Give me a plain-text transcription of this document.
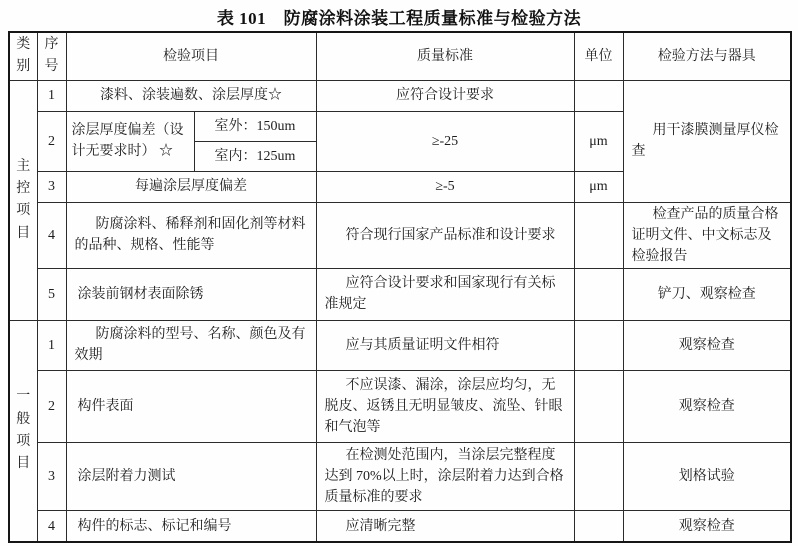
表 101　防腐涂料涂装工程质量标准与检验方法
类别	序号	检验项目		质量标准	单位	检验方法与器具
主控项目	1	漆料、涂装遍数、涂层厚度☆		应符合设计要求		用干漆膜测量厚仪检查
	2	涂层厚度偏差（设计无要求时） ☆	室外：150um	≥-25	μm	
			室内：125um			
	3	每遍涂层厚度偏差		≥-5	μm	
	4	防腐涂料、稀释剂和固化剂等材料的品种、规格、性能等		符合现行国家产品标准和设计要求		检查产品的质量合格证明文件、中文标志及检验报告
	5	涂装前钢材表面除锈		应符合设计要求和国家现行有关标准规定		铲刀、观察检查
一般项目	1	防腐涂料的型号、名称、颜色及有效期		应与其质量证明文件相符		观察检查
	2	构件表面		不应误漆、漏涂，涂层应均匀，无脱皮、返锈且无明显皱皮、流坠、针眼和气泡等		观察检查
	3	涂层附着力测试		在检测处范围内，当涂层完整程度达到 70%以上时，涂层附着力达到合格质量标准的要求		划格试验
	4	构件的标志、标记和编号		应清晰完整		观察检查
